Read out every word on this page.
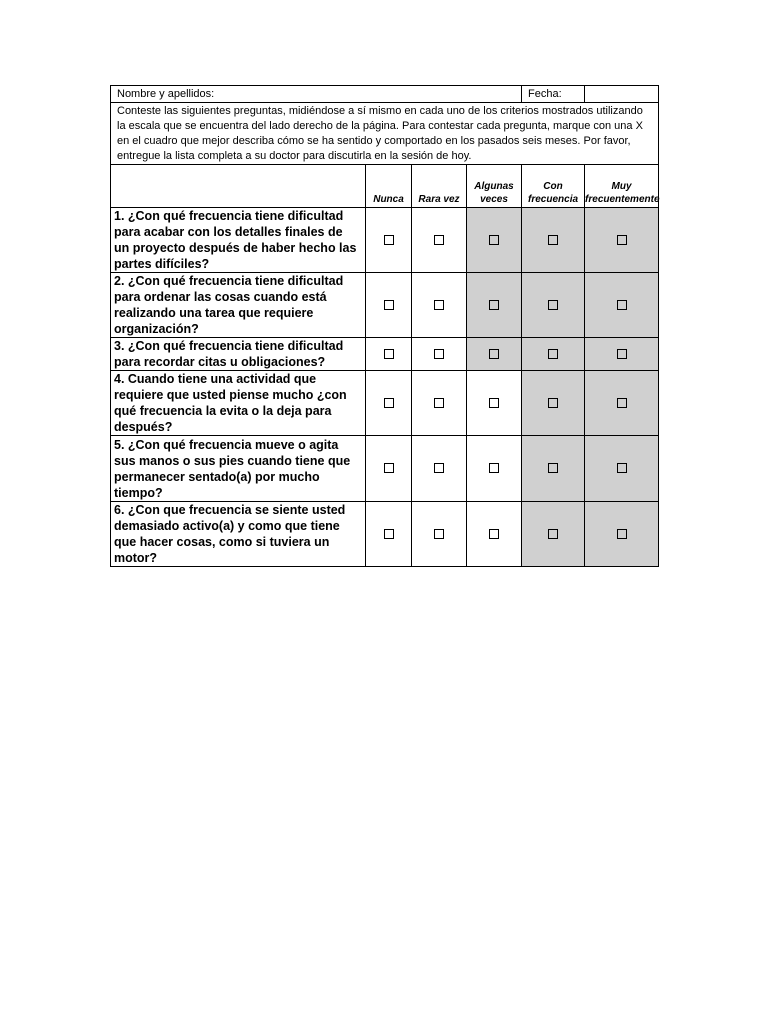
Nombre y apellidos:				Fecha:	
Conteste las siguientes preguntas, midiéndose a sí mismo en cada uno de los criterios mostrados utilizando la escala que se encuentra del lado derecho de la página. Para contestar cada pregunta, marque con una X en el cuadro que mejor describa cómo se ha sentido y comportado en los pasados seis meses. Por favor, entregue la lista completa a su doctor para discutirla en la sesión de hoy.					
	Nunca	Rara vez	Algunas veces	Con frecuencia	Muy frecuentemente
1. ¿Con qué frecuencia tiene dificultad para acabar con los detalles finales de un proyecto después de haber hecho las partes difíciles?					
2. ¿Con qué frecuencia tiene dificultad para ordenar las cosas cuando está realizando una tarea que requiere organización?					
3. ¿Con qué frecuencia tiene dificultad para recordar citas u obligaciones?					
4. Cuando tiene una actividad que requiere que usted piense mucho ¿con qué frecuencia la evita o la deja para después?					
5. ¿Con qué frecuencia mueve o agita sus manos o sus pies cuando tiene que permanecer sentado(a) por mucho tiempo?					
6. ¿Con que frecuencia se siente usted demasiado activo(a) y como que tiene que hacer cosas, como si tuviera un motor?					
